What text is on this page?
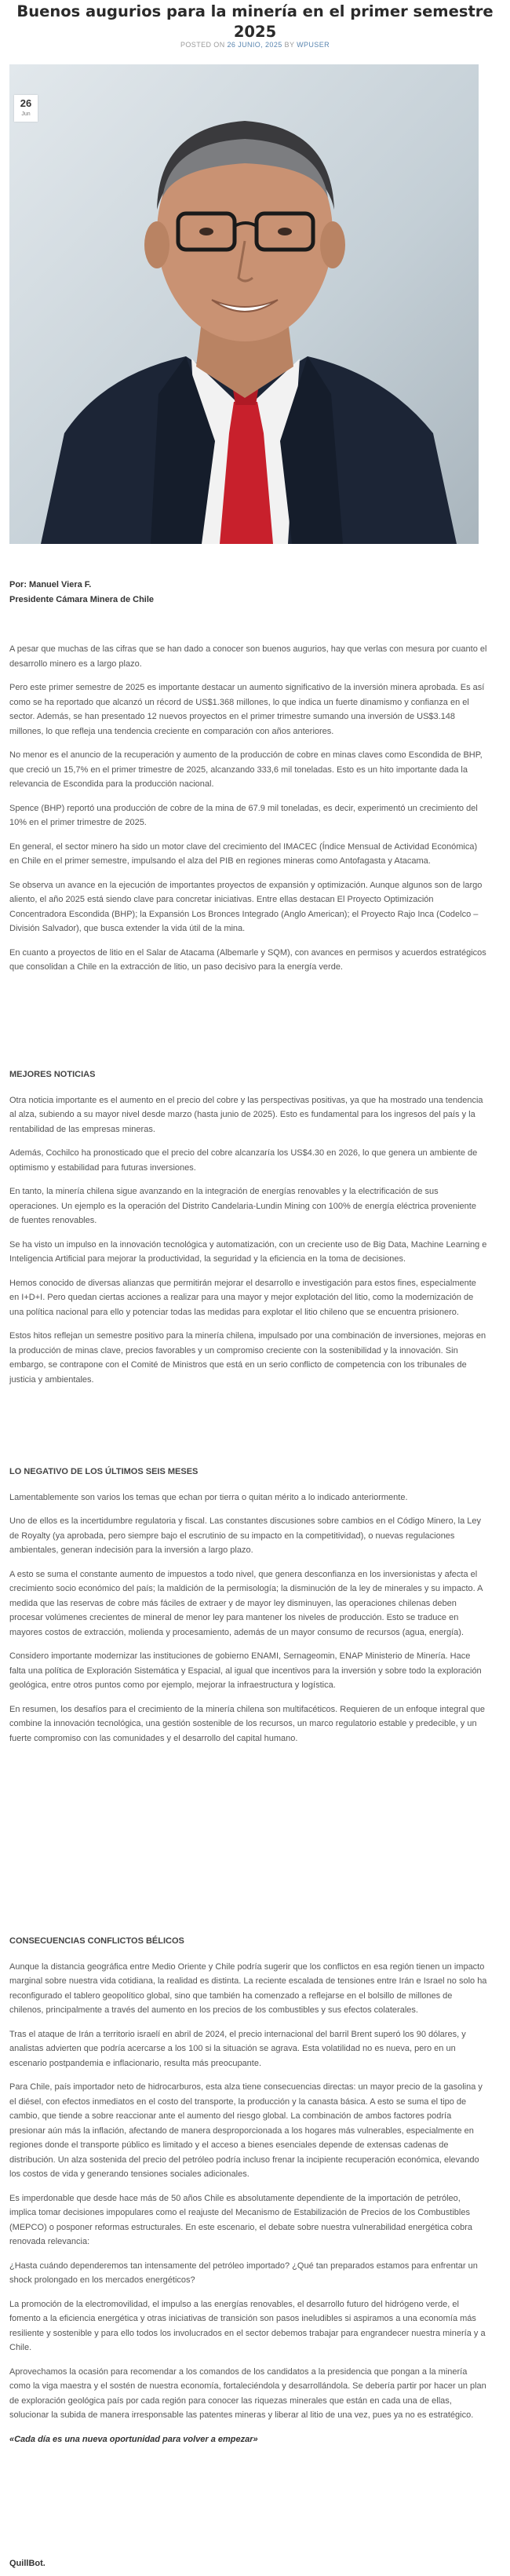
Buenos augurios para la minería en el primer semestre 2025
POSTED ON 26 JUNIO, 2025 BY WPUSER
26
Jun
Por: Manuel Viera F.
Presidente Cámara Minera de Chile

A pesar que muchas de las cifras que se han dado a conocer son buenos augurios, hay que verlas con mesura por cuanto el desarrollo minero es a largo plazo.

Pero este primer semestre de 2025 es importante destacar un aumento significativo de la inversión minera aprobada. Es así como se ha reportado que alcanzó un récord de US$1.368 millones, lo que indica un fuerte dinamismo y confianza en el sector. Además, se han presentado 12 nuevos proyectos en el primer trimestre sumando una inversión de US$3.148 millones, lo que refleja una tendencia creciente en comparación con años anteriores.

No menor es el anuncio de la recuperación y aumento de la producción de cobre en minas claves como Escondida de BHP, que creció un 15,7% en el primer trimestre de 2025, alcanzando 333,6 mil toneladas. Esto es un hito importante dada la relevancia de Escondida para la producción nacional.

Spence (BHP) reportó una producción de cobre de la mina de 67.9 mil toneladas, es decir, experimentó un crecimiento del 10% en el primer trimestre de 2025.

En general, el sector minero ha sido un motor clave del crecimiento del IMACEC (Índice Mensual de Actividad Económica) en Chile en el primer semestre, impulsando el alza del PIB en regiones mineras como Antofagasta y Atacama.

Se observa un avance en la ejecución de importantes proyectos de expansión y optimización. Aunque algunos son de largo aliento, el año 2025 está siendo clave para concretar iniciativas. Entre ellas destacan El Proyecto Optimización Concentradora Escondida (BHP); la Expansión Los Bronces Integrado (Anglo American); el Proyecto Rajo Inca (Codelco – División Salvador), que busca extender la vida útil de la mina.

En cuanto a proyectos de litio en el Salar de Atacama (Albemarle y SQM), con avances en permisos y acuerdos estratégicos que consolidan a Chile en la extracción de litio, un paso decisivo para la energía verde.

MEJORES NOTICIAS

Otra noticia importante es el aumento en el precio del cobre y las perspectivas positivas, ya que ha mostrado una tendencia al alza, subiendo a su mayor nivel desde marzo (hasta junio de 2025). Esto es fundamental para los ingresos del país y la rentabilidad de las empresas mineras.

Además, Cochilco ha pronosticado que el precio del cobre alcanzaría los US$4.30 en 2026, lo que genera un ambiente de optimismo y estabilidad para futuras inversiones.

En tanto, la minería chilena sigue avanzando en la integración de energías renovables y la electrificación de sus operaciones. Un ejemplo es la operación del Distrito Candelaria-Lundin Mining con 100% de energía eléctrica proveniente de fuentes renovables.

Se ha visto un impulso en la innovación tecnológica y automatización, con un creciente uso de Big Data, Machine Learning e Inteligencia Artificial para mejorar la productividad, la seguridad y la eficiencia en la toma de decisiones.

Hemos conocido de diversas alianzas que permitirán mejorar el desarrollo e investigación para estos fines, especialmente en I+D+I. Pero quedan ciertas acciones a realizar para una mayor y mejor explotación del litio, como la modernización de una política nacional para ello y potenciar todas las medidas para explotar el litio chileno que se encuentra prisionero.

Estos hitos reflejan un semestre positivo para la minería chilena, impulsado por una combinación de inversiones, mejoras en la producción de minas clave, precios favorables y un compromiso creciente con la sostenibilidad y la innovación. Sin embargo, se contrapone con el Comité de Ministros que está en un serio conflicto de competencia con los tribunales de justicia y ambientales.

LO NEGATIVO DE LOS ÚLTIMOS SEIS MESES

Lamentablemente son varios los temas que echan por tierra o quitan mérito a lo indicado anteriormente.

Uno de ellos es la incertidumbre regulatoria y fiscal. Las constantes discusiones sobre cambios en el Código Minero, la Ley de Royalty (ya aprobada, pero siempre bajo el escrutinio de su impacto en la competitividad), o nuevas regulaciones ambientales, generan indecisión para la inversión a largo plazo.

A esto se suma el constante aumento de impuestos a todo nivel, que genera desconfianza en los inversionistas y afecta el crecimiento socio económico del país; la maldición de la permisología; la disminución de la ley de minerales y su impacto. A medida que las reservas de cobre más fáciles de extraer y de mayor ley disminuyen, las operaciones chilenas deben procesar volúmenes crecientes de mineral de menor ley para mantener los niveles de producción. Esto se traduce en mayores costos de extracción, molienda y procesamiento, además de un mayor consumo de recursos (agua, energía).

Considero importante modernizar las instituciones de gobierno ENAMI, Sernageomin, ENAP Ministerio de Minería. Hace falta una política de Exploración Sistemática y Espacial, al igual que incentivos para la inversión y sobre todo la exploración geológica, entre otros puntos como por ejemplo, mejorar la infraestructura y logística.

En resumen, los desafíos para el crecimiento de la minería chilena son multifacéticos. Requieren de un enfoque integral que combine la innovación tecnológica, una gestión sostenible de los recursos, un marco regulatorio estable y predecible, y un fuerte compromiso con las comunidades y el desarrollo del capital humano.

CONSECUENCIAS CONFLICTOS BÉLICOS

Aunque la distancia geográfica entre Medio Oriente y Chile podría sugerir que los conflictos en esa región tienen un impacto marginal sobre nuestra vida cotidiana, la realidad es distinta. La reciente escalada de tensiones entre Irán e Israel no solo ha reconfigurado el tablero geopolítico global, sino que también ha comenzado a reflejarse en el bolsillo de millones de chilenos, principalmente a través del aumento en los precios de los combustibles y sus efectos colaterales.

Tras el ataque de Irán a territorio israelí en abril de 2024, el precio internacional del barril Brent superó los 90 dólares, y analistas advierten que podría acercarse a los 100 si la situación se agrava. Esta volatilidad no es nueva, pero en un escenario postpandemia e inflacionario, resulta más preocupante.

Para Chile, país importador neto de hidrocarburos, esta alza tiene consecuencias directas: un mayor precio de la gasolina y el diésel, con efectos inmediatos en el costo del transporte, la producción y la canasta básica. A esto se suma el tipo de cambio, que tiende a sobre reaccionar ante el aumento del riesgo global. La combinación de ambos factores podría presionar aún más la inflación, afectando de manera desproporcionada a los hogares más vulnerables, especialmente en regiones donde el transporte público es limitado y el acceso a bienes esenciales depende de extensas cadenas de distribución. Un alza sostenida del precio del petróleo podría incluso frenar la incipiente recuperación económica, elevando los costos de vida y generando tensiones sociales adicionales.

Es imperdonable que desde hace más de 50 años Chile es absolutamente dependiente de la importación de petróleo, implica tomar decisiones impopulares como el reajuste del Mecanismo de Estabilización de Precios de los Combustibles (MEPCO) o posponer reformas estructurales. En este escenario, el debate sobre nuestra vulnerabilidad energética cobra renovada relevancia:

¿Hasta cuándo dependeremos tan intensamente del petróleo importado? ¿Qué tan preparados estamos para enfrentar un shock prolongado en los mercados energéticos?

La promoción de la electromovilidad, el impulso a las energías renovables, el desarrollo futuro del hidrógeno verde, el fomento a la eficiencia energética y otras iniciativas de transición son pasos ineludibles si aspiramos a una economía más resiliente y sostenible y para ello todos los involucrados en el sector debemos trabajar para engrandecer nuestra minería y a Chile.

Aprovechamos la ocasión para recomendar a los comandos de los candidatos a la presidencia que pongan a la minería como la viga maestra y el sostén de nuestra economía, fortaleciéndola y desarrollándola. Se debería partir por hacer un plan de exploración geológica país por cada región para conocer las riquezas minerales que están en cada una de ellas, solucionar la subida de manera irresponsable las patentes mineras y liberar al litio de una vez, pues ya no es estratégico.

«Cada día es una nueva oportunidad para volver a empezar»

QuillBot.
